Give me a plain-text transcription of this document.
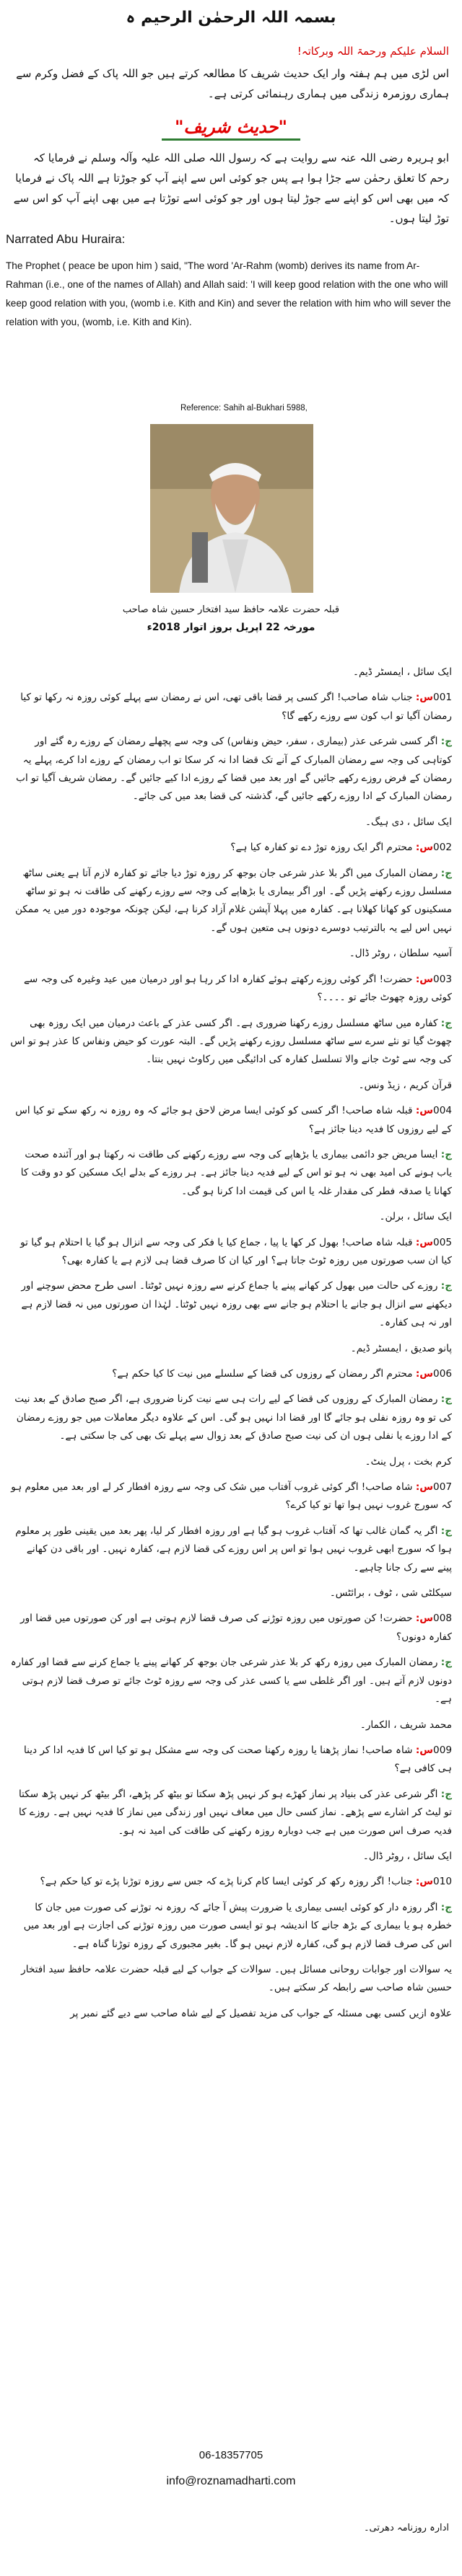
بسمہ اللہ الرحمٰن الرحیم ہ
السلام علیکم ورحمۃ اللہ وبرکاتہ!
اس لڑی میں ہم ہفتہ وار ایک حدیث شریف کا مطالعہ کرتے ہیں جو اللہ پاک کے فضل وکرم سے ہماری روزمرہ زندگی میں ہماری رہنمائی کرتی ہے۔
"حدیث شریف"
ابو ہریرہ رضی اللہ عنہ سے روایت ہے کہ رسول اللہ صلی اللہ علیہ وآلہ وسلم نے فرمایا کہ رحم کا تعلق رحمٰن سے جڑا ہوا ہے پس جو کوئی اس سے اپنے آپ کو جوڑتا ہے اللہ پاک نے فرمایا کہ میں بھی اس کو اپنے سے جوڑ لیتا ہوں اور جو کوئی اسے توڑتا ہے میں بھی اپنے آپ کو اس سے توڑ لیتا ہوں۔
Narrated Abu Huraira:
The Prophet ( peace be upon him ) said, "The word 'Ar-Rahm (womb) derives its name from Ar-Rahman (i.e., one of the names of Allah) and Allah said: 'I will keep good relation with the one who will keep good relation with you, (womb i.e. Kith and Kin) and sever the relation with him who will sever the relation with you, (womb, i.e. Kith and Kin).
Reference: Sahih al-Bukhari 5988,
قبلہ حضرت علامہ حافظ سید افتخار حسین شاہ صاحب
مورخہ 22 اپریل بروز اتوار 2018ء

ایک سائل ، ایمسٹر ڈیم۔

001س: جناب شاہ صاحب! اگر کسی پر قضا باقی تھی، اس نے رمضان سے پہلے کوئی روزہ نہ رکھا تو کیا رمضان آگیا تو اب کون سے روزے رکھے گا؟

ج: اگر کسی شرعی عذر (بیماری ، سفر، حیض ونفاس) کی وجہ سے پچھلے رمضان کے روزے رہ گئے اور کوتاہی کی وجہ سے رمضان المبارک کے آنے تک قضا ادا نہ کر سکا تو اب رمضان کے روزے ادا کرے، پہلے یہ رمضان کے فرض روزے رکھے جائیں گے اور بعد میں قضا کے روزے ادا کیے جائیں گے۔ رمضان شریف آگیا تو اب رمضان المبارک کے ادا روزے رکھے جائیں گے، گذشتہ کی قضا بعد میں کی جائے۔

ایک سائل ، دی ہیگ۔

002س: محترم اگر ایک روزہ توڑ دے تو کفارہ کیا ہے؟

ج: رمضان المبارک میں اگر بلا عذر شرعی جان بوجھ کر روزہ توڑ دیا جائے تو کفارہ لازم آتا ہے یعنی ساٹھ مسلسل روزے رکھنے پڑیں گے۔ اور اگر بیماری یا بڑھاپے کی وجہ سے روزے رکھنے کی طاقت نہ ہو تو ساٹھ مسکینوں کو کھانا کھلانا ہے۔ کفارہ میں پہلا آپشن غلام آزاد کرنا ہے، لیکن چونکہ موجودہ دور میں یہ ممکن نہیں اس لیے یہ بالترتیب دوسرے دونوں ہی متعین ہوں گے۔

آسیہ سلطان ، روٹر ڈال۔

003س: حضرت! اگر کوئی روزے رکھتے ہوئے کفارہ ادا کر رہا ہو اور درمیان میں عید وغیرہ کی وجہ سے کوئی روزہ چھوٹ جائے تو ۔۔۔۔؟

ج: کفارہ میں ساٹھ مسلسل روزے رکھنا ضروری ہے۔ اگر کسی عذر کے باعث درمیان میں ایک روزہ بھی چھوٹ گیا تو نئے سرے سے ساٹھ مسلسل روزے رکھنے پڑیں گے۔ البتہ عورت کو حیض ونفاس کا عذر ہو تو اس کی وجہ سے ٹوٹ جانے والا تسلسل کفارہ کی ادائیگی میں رکاوٹ نہیں بنتا۔

قرآن کریم ، زیڈ ونس۔

004س: قبلہ شاہ صاحب! اگر کسی کو کوئی ایسا مرض لاحق ہو جائے کہ وہ روزہ نہ رکھ سکے تو کیا اس کے لیے روزوں کا فدیہ دینا جائز ہے؟

ج: ایسا مریض جو دائمی بیماری یا بڑھاپے کی وجہ سے روزے رکھنے کی طاقت نہ رکھتا ہو اور آئندہ صحت یاب ہونے کی امید بھی نہ ہو تو اس کے لیے فدیہ دینا جائز ہے۔ ہر روزے کے بدلے ایک مسکین کو دو وقت کا کھانا یا صدقہ فطر کی مقدار غلہ یا اس کی قیمت ادا کرنا ہو گی۔

ایک سائل ، برلن۔

005س: قبلہ شاہ صاحب! بھول کر کھا یا پیا ، جماع کیا یا فکر کی وجہ سے انزال ہو گیا یا احتلام ہو گیا تو کیا ان سب صورتوں میں روزہ ٹوٹ جاتا ہے؟ اور کیا ان کا صرف قضا ہی لازم ہے یا کفارہ بھی؟

ج: روزے کی حالت میں بھول کر کھانے پینے یا جماع کرنے سے روزہ نہیں ٹوٹتا۔ اسی طرح محض سوچنے اور دیکھنے سے انزال ہو جانے یا احتلام ہو جانے سے بھی روزہ نہیں ٹوٹتا۔ لہٰذا ان صورتوں میں نہ قضا لازم ہے اور نہ ہی کفارہ۔

پانو صدیق ، ایمسٹر ڈیم۔

006س: محترم اگر رمضان کے روزوں کی قضا کے سلسلے میں نیت کا کیا حکم ہے؟

ج: رمضان المبارک کے روزوں کی قضا کے لیے رات ہی سے نیت کرنا ضروری ہے، اگر صبح صادق کے بعد نیت کی تو وہ روزہ نفلی ہو جائے گا اور قضا ادا نہیں ہو گی۔ اس کے علاوہ دیگر معاملات میں جو روزے رمضان کے ادا روزے یا نفلی ہوں ان کی نیت صبح صادق کے بعد زوال سے پہلے تک بھی کی جا سکتی ہے۔

کرم بخت ، پرل ینٹ۔

007س: شاہ صاحب! اگر کوئی غروب آفتاب میں شک کی وجہ سے روزہ افطار کر لے اور بعد میں معلوم ہو کہ سورج غروب نہیں ہوا تھا تو کیا کرے؟

ج: اگر یہ گمان غالب تھا کہ آفتاب غروب ہو گیا ہے اور روزہ افطار کر لیا، پھر بعد میں یقینی طور پر معلوم ہوا کہ سورج ابھی غروب نہیں ہوا تو اس پر اس روزے کی قضا لازم ہے، کفارہ نہیں۔ اور باقی دن کھانے پینے سے رک جانا چاہیے۔

سیکلٹی شی ، ٹوف ، برائٹس۔

008س: حضرت! کن صورتوں میں روزہ توڑنے کی صرف قضا لازم ہوتی ہے اور کن صورتوں میں قضا اور کفارہ دونوں؟

ج: رمضان المبارک میں روزہ رکھ کر بلا عذر شرعی جان بوجھ کر کھانے پینے یا جماع کرنے سے قضا اور کفارہ دونوں لازم آتے ہیں۔ اور اگر غلطی سے یا کسی عذر کی وجہ سے روزہ ٹوٹ جائے تو صرف قضا لازم ہوتی ہے۔

محمد شریف ، الکمار۔

009س: شاہ صاحب! نماز پڑھنا یا روزہ رکھنا صحت کی وجہ سے مشکل ہو تو کیا اس کا فدیہ ادا کر دینا ہی کافی ہے؟

ج: اگر شرعی عذر کی بنیاد پر نماز کھڑے ہو کر نہیں پڑھ سکتا تو بیٹھ کر پڑھے، اگر بیٹھ کر نہیں پڑھ سکتا تو لیٹ کر اشارے سے پڑھے۔ نماز کسی حال میں معاف نہیں اور زندگی میں نماز کا فدیہ نہیں ہے۔ روزے کا فدیہ صرف اس صورت میں ہے جب دوبارہ روزہ رکھنے کی طاقت کی امید نہ ہو۔

ایک سائل ، روٹر ڈال۔

010س: جناب! اگر روزہ رکھ کر کوئی ایسا کام کرنا پڑے کہ جس سے روزہ توڑنا پڑے تو کیا حکم ہے؟

ج: اگر روزہ دار کو کوئی ایسی بیماری یا ضرورت پیش آ جائے کہ روزہ نہ توڑنے کی صورت میں جان کا خطرہ ہو یا بیماری کے بڑھ جانے کا اندیشہ ہو تو ایسی صورت میں روزہ توڑنے کی اجازت ہے اور بعد میں اس کی صرف قضا لازم ہو گی، کفارہ لازم نہیں ہو گا۔ بغیر مجبوری کے روزہ توڑنا گناہ ہے۔

یہ سوالات اور جوابات روحانی مسائل ہیں۔ سوالات کے جواب کے لیے قبلہ حضرت علامہ حافظ سید افتخار حسین شاہ صاحب سے رابطہ کر سکتے ہیں۔

علاوہ ازیں کسی بھی مسئلہ کے جواب کی مزید تفصیل کے لیے شاہ صاحب سے دیے گئے نمبر پر

06-18357705
info@roznamadharti.com
ادارہ روزنامہ دھرتی۔
